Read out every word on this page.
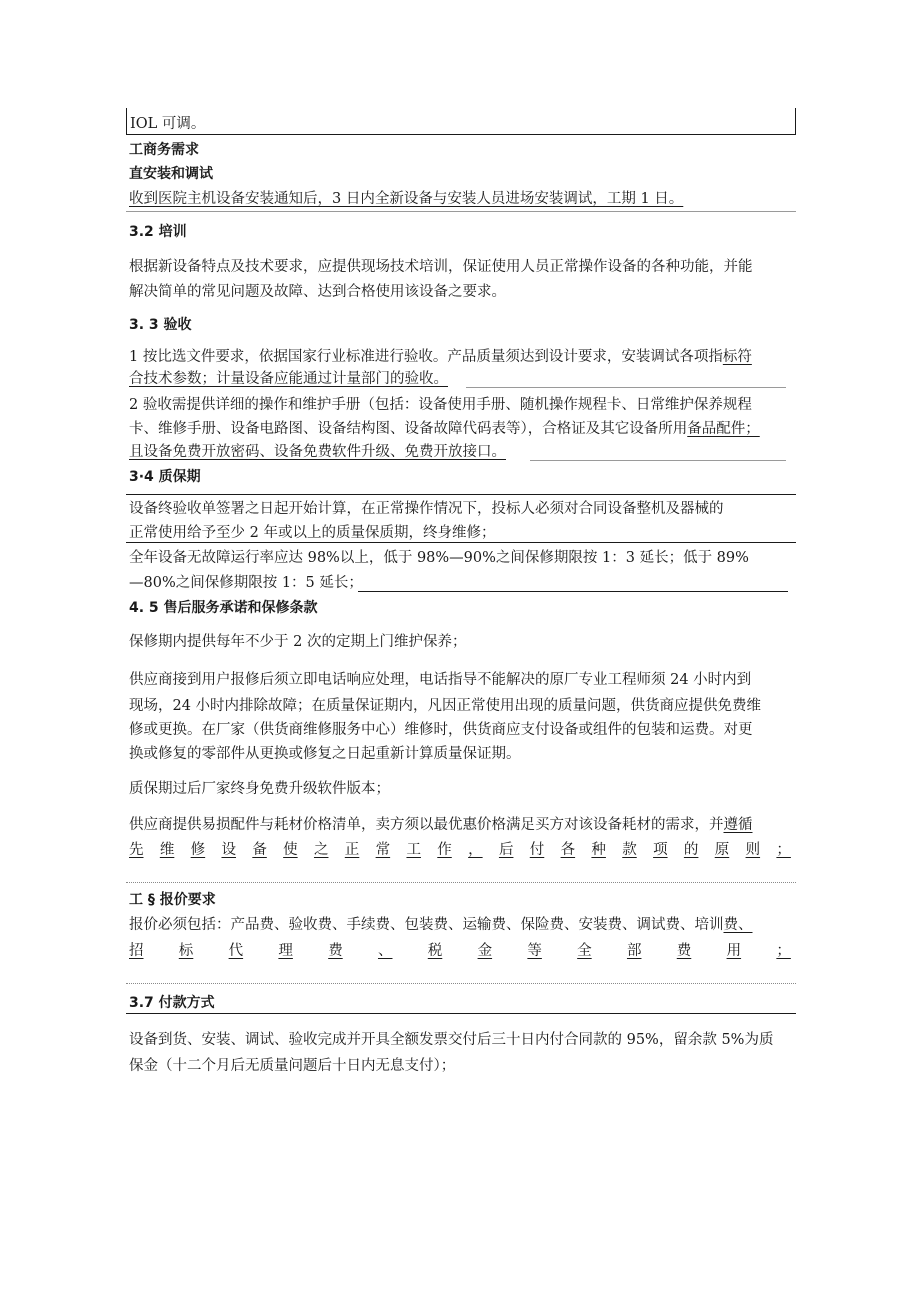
IOL 可调。
工商务需求
直安装和调试
收到医院主机设备安装通知后，3 日内全新设备与安装人员进场安装调试，工期 1 日。
3.2 培训
根据新设备特点及技术要求，应提供现场技术培训，保证使用人员正常操作设备的各种功能，并能
解决简单的常见问题及故障、达到合格使用该设备之要求。
3. 3 验收
1 按比选文件要求，依据国家行业标准进行验收。产品质量须达到设计要求，安装调试各项指标符
合技术参数；计量设备应能通过计量部门的验收。
2 验收需提供详细的操作和维护手册（包括：设备使用手册、随机操作规程卡、日常维护保养规程
卡、维修手册、设备电路图、设备结构图、设备故障代码表等），合格证及其它设备所用备品配件；
且设备免费开放密码、设备免费软件升级、免费开放接口。
3·4 质保期
设备终验收单签署之日起开始计算，在正常操作情况下，投标人必须对合同设备整机及器械的
正常使用给予至少 2 年或以上的质量保质期，终身维修；
全年设备无故障运行率应达 98%以上，低于 98%—90%之间保修期限按 1：3 延长；低于 89%
—80%之间保修期限按 1：5 延长；
4. 5 售后服务承诺和保修条款
保修期内提供每年不少于 2 次的定期上门维护保养；
供应商接到用户报修后须立即电话响应处理，电话指导不能解决的原厂专业工程师须 24 小时内到
现场，24 小时内排除故障；在质量保证期内，凡因正常使用出现的质量问题，供货商应提供免费维
修或更换。在厂家（供货商维修服务中心）维修时，供货商应支付设备或组件的包装和运费。对更
换或修复的零部件从更换或修复之日起重新计算质量保证期。
质保期过后厂家终身免费升级软件版本；
供应商提供易损配件与耗材价格清单，卖方须以最优惠价格满足买方对该设备耗材的需求，并遵循
先 维 修 设 备 使 之 正 常 工 作 ， 后 付 各 种 款 项 的 原 则 ；
工 § 报价要求
报价必须包括：产品费、验收费、手续费、包装费、运输费、保险费、安装费、调试费、培训费、
招 标 代 理 费 、 税 金 等 全 部 费 用 ；
3.7 付款方式
设备到货、安装、调试、验收完成并开具全额发票交付后三十日内付合同款的 95%，留余款 5%为质
保金（十二个月后无质量问题后十日内无息支付）；
